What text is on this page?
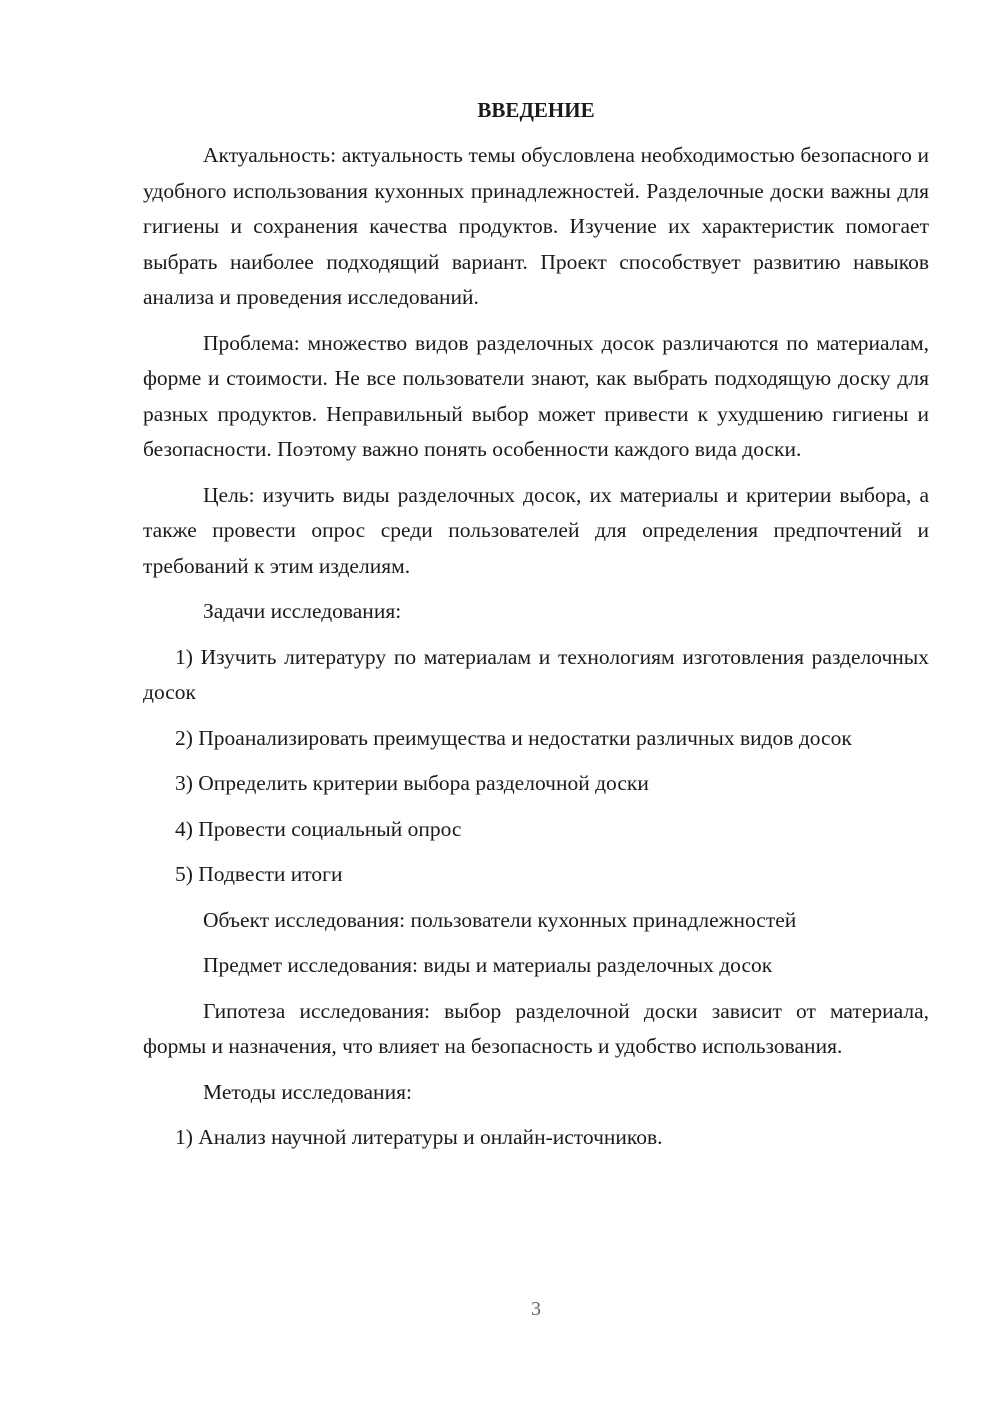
ВВЕДЕНИЕ

Актуальность: актуальность темы обусловлена необходимостью безопасного и удобного использования кухонных принадлежностей. Разделочные доски важны для гигиены и сохранения качества продуктов. Изучение их характеристик помогает выбрать наиболее подходящий вариант. Проект способствует развитию навыков анализа и проведения исследований.

Проблема: множество видов разделочных досок различаются по материалам, форме и стоимости. Не все пользователи знают, как выбрать подходящую доску для разных продуктов. Неправильный выбор может привести к ухудшению гигиены и безопасности. Поэтому важно понять особенности каждого вида доски.

Цель: изучить виды разделочных досок, их материалы и критерии выбора, а также провести опрос среди пользователей для определения предпочтений и требований к этим изделиям.

Задачи исследования:

1) Изучить литературу по материалам и технологиям изготовления разделочных досок

2) Проанализировать преимущества и недостатки различных видов досок

3) Определить критерии выбора разделочной доски

4) Провести социальный опрос

5) Подвести итоги

Объект исследования: пользователи кухонных принадлежностей

Предмет исследования: виды и материалы разделочных досок

Гипотеза исследования: выбор разделочной доски зависит от материала, формы и назначения, что влияет на безопасность и удобство использования.

Методы исследования:

1) Анализ научной литературы и онлайн-источников.

3
